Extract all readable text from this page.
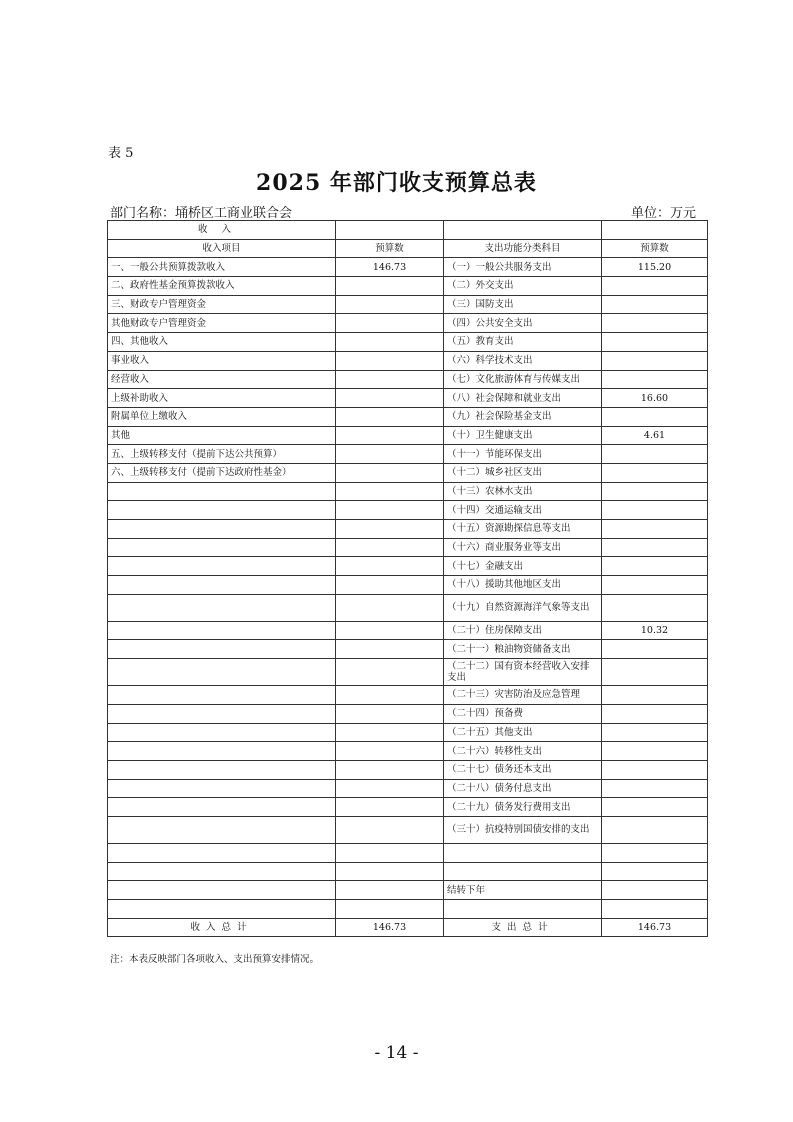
表 5
2025 年部门收支预算总表
部门名称：埇桥区工商业联合会	单位：万元
收入			
收入项目	预算数	支出功能分类科目	预算数
一、一般公共预算拨款收入	146.73	（一）一般公共服务支出	115.20
二、政府性基金预算拨款收入		（二）外交支出	
三、财政专户管理资金		（三）国防支出	
其他财政专户管理资金		（四）公共安全支出	
四、其他收入		（五）教育支出	
事业收入		（六）科学技术支出	
经营收入		（七）文化旅游体育与传媒支出	
上级补助收入		（八）社会保障和就业支出	16.60
附属单位上缴收入		（九）社会保险基金支出	
其他		（十）卫生健康支出	4.61
五、上级转移支付（提前下达公共预算）		（十一）节能环保支出	
六、上级转移支付（提前下达政府性基金）		（十二）城乡社区支出	
		（十三）农林水支出	
		（十四）交通运输支出	
		（十五）资源勘探信息等支出	
		（十六）商业服务业等支出	
		（十七）金融支出	
		（十八）援助其他地区支出	
		（十九）自然资源海洋气象等支出	
		（二十）住房保障支出	10.32
		（二十一）粮油物资储备支出	
		（二十二）国有资本经营收入安排支出	
		（二十三）灾害防治及应急管理	
		（二十四）预备费	
		（二十五）其他支出	
		（二十六）转移性支出	
		（二十七）债务还本支出	
		（二十八）债务付息支出	
		（二十九）债务发行费用支出	
		（三十）抗疫特别国债安排的支出	

		结转下年	

收入总计	146.73	支出总计	146.73
注：本表反映部门各项收入、支出预算安排情况。
- 14 -
